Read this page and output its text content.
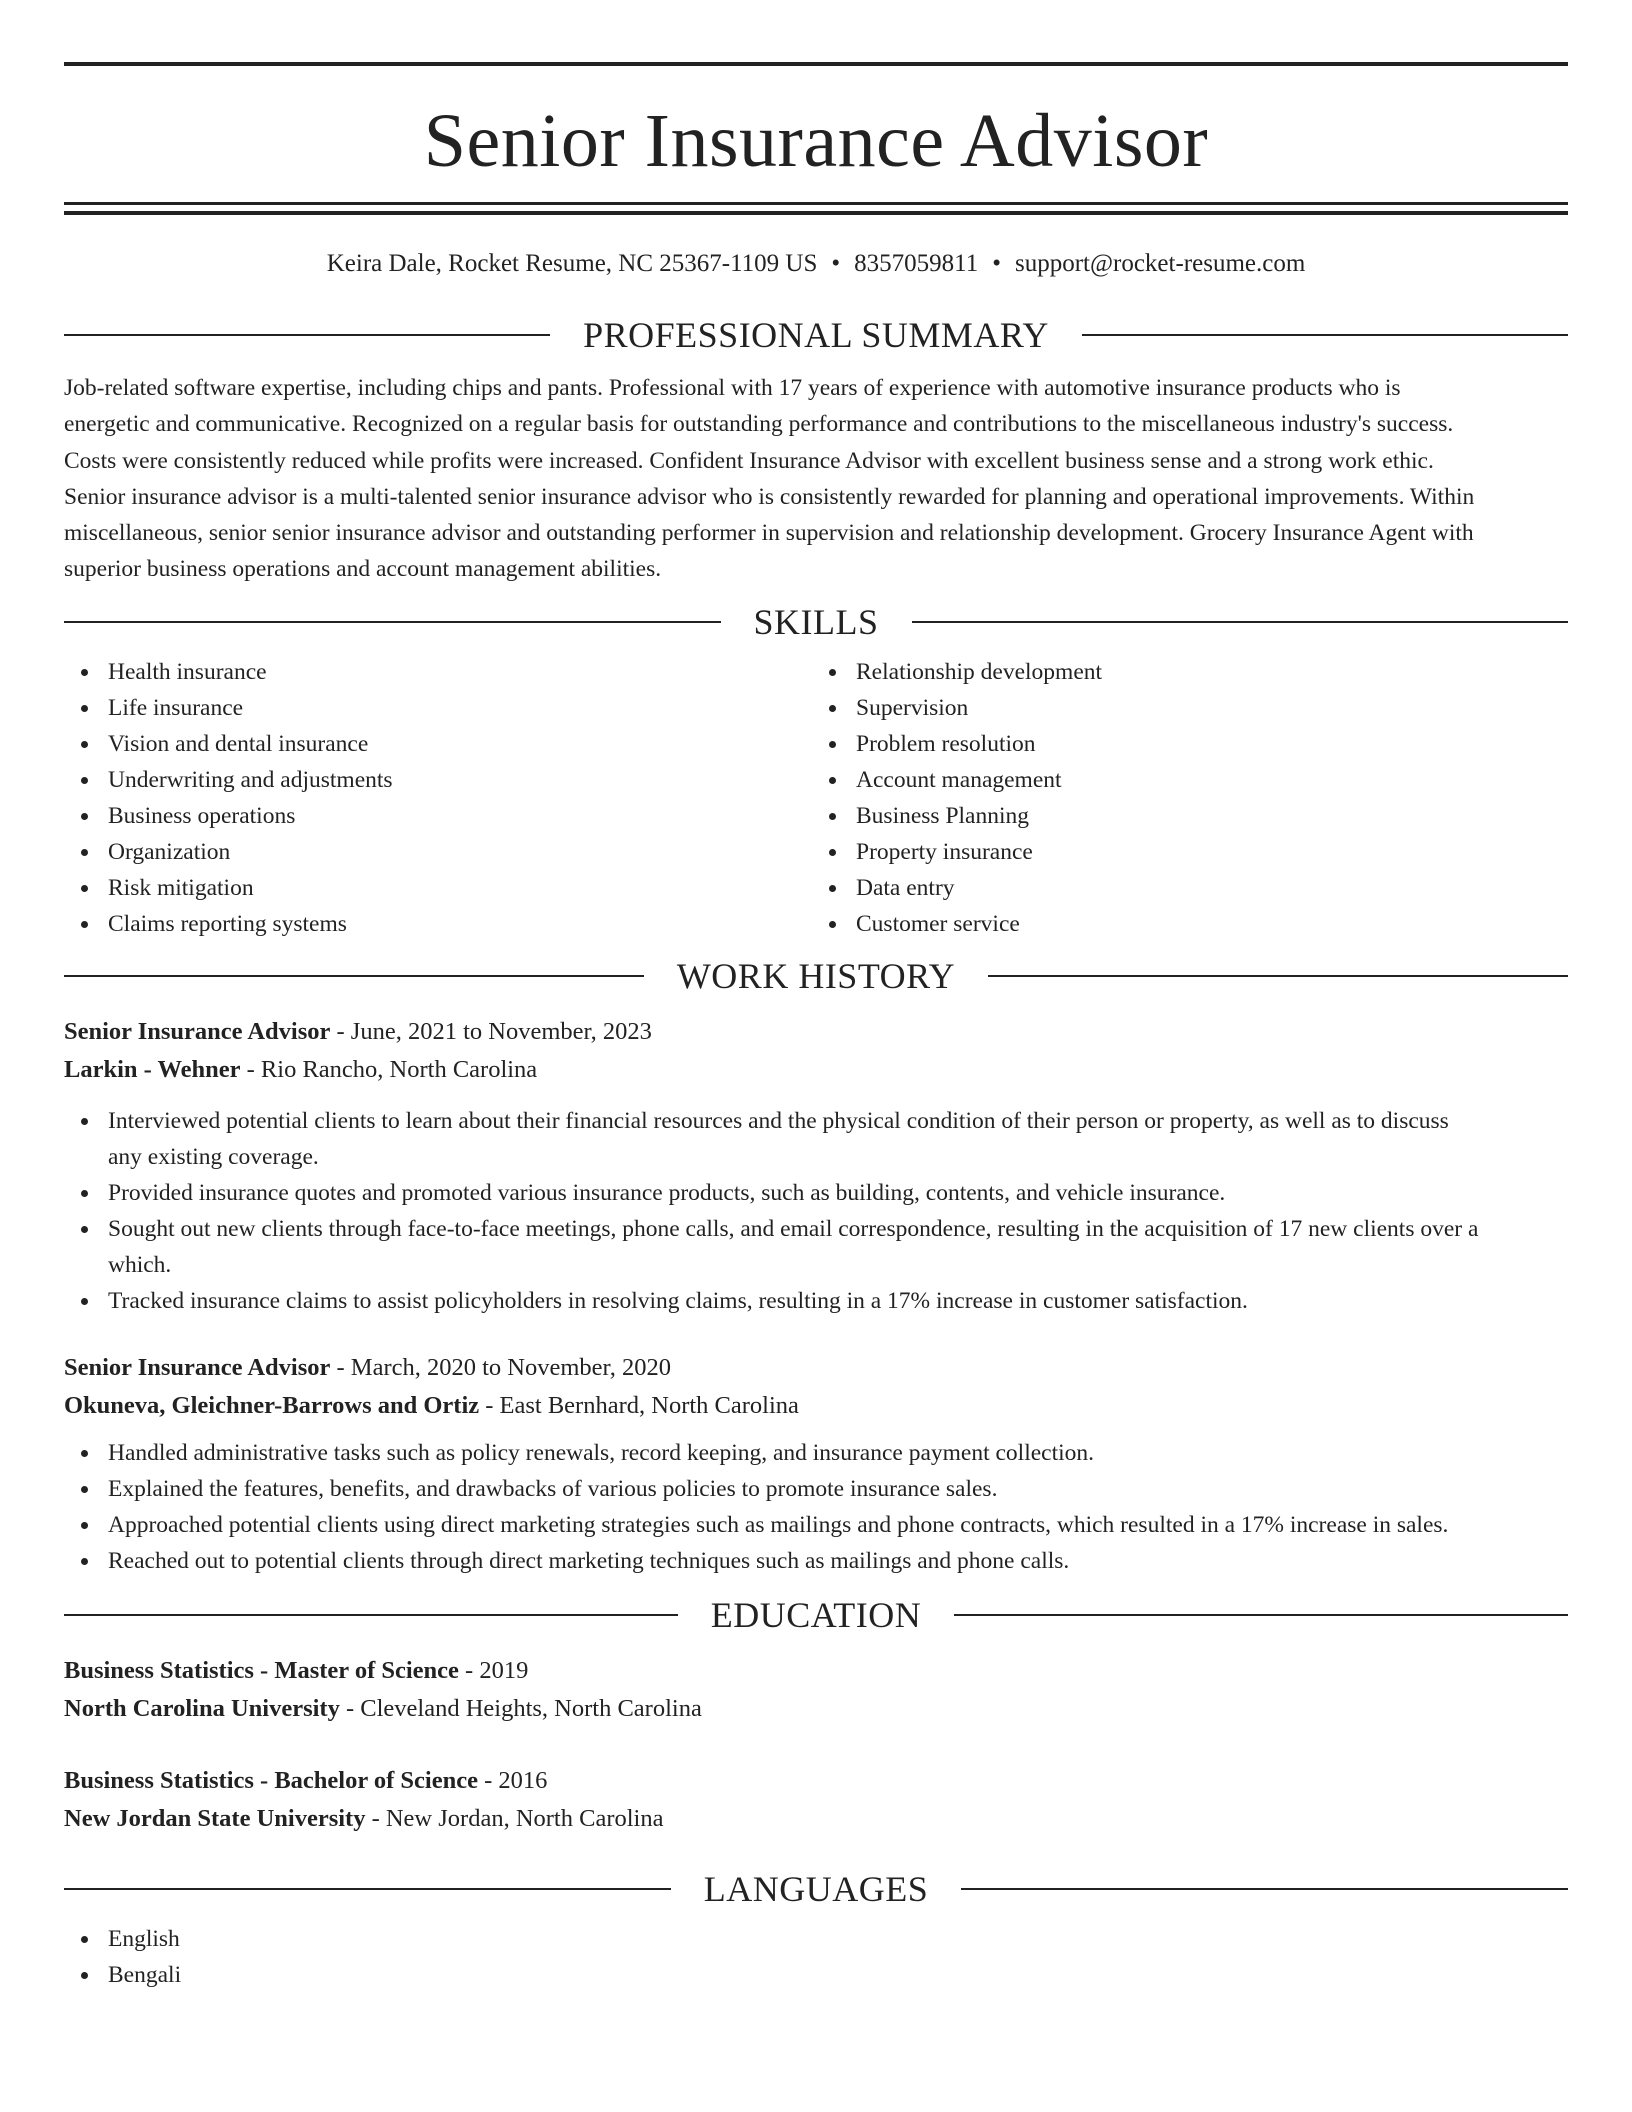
Senior Insurance Advisor
Keira Dale, Rocket Resume, NC 25367-1109 US • 8357059811 • support@rocket-resume.com
PROFESSIONAL SUMMARY
Job-related software expertise, including chips and pants. Professional with 17 years of experience with automotive insurance products who is
energetic and communicative. Recognized on a regular basis for outstanding performance and contributions to the miscellaneous industry's success.
Costs were consistently reduced while profits were increased. Confident Insurance Advisor with excellent business sense and a strong work ethic.
Senior insurance advisor is a multi-talented senior insurance advisor who is consistently rewarded for planning and operational improvements. Within
miscellaneous, senior senior insurance advisor and outstanding performer in supervision and relationship development. Grocery Insurance Agent with
superior business operations and account management abilities.
SKILLS
Health insurance
Life insurance
Vision and dental insurance
Underwriting and adjustments
Business operations
Organization
Risk mitigation
Claims reporting systems
Relationship development
Supervision
Problem resolution
Account management
Business Planning
Property insurance
Data entry
Customer service
WORK HISTORY
Senior Insurance Advisor - June, 2021 to November, 2023
Larkin - Wehner - Rio Rancho, North Carolina
Interviewed potential clients to learn about their financial resources and the physical condition of their person or property, as well as to discuss
any existing coverage.
Provided insurance quotes and promoted various insurance products, such as building, contents, and vehicle insurance.
Sought out new clients through face-to-face meetings, phone calls, and email correspondence, resulting in the acquisition of 17 new clients over a
which.
Tracked insurance claims to assist policyholders in resolving claims, resulting in a 17% increase in customer satisfaction.
Senior Insurance Advisor - March, 2020 to November, 2020
Okuneva, Gleichner-Barrows and Ortiz - East Bernhard, North Carolina
Handled administrative tasks such as policy renewals, record keeping, and insurance payment collection.
Explained the features, benefits, and drawbacks of various policies to promote insurance sales.
Approached potential clients using direct marketing strategies such as mailings and phone contracts, which resulted in a 17% increase in sales.
Reached out to potential clients through direct marketing techniques such as mailings and phone calls.
EDUCATION
Business Statistics - Master of Science - 2019
North Carolina University - Cleveland Heights, North Carolina
Business Statistics - Bachelor of Science - 2016
New Jordan State University - New Jordan, North Carolina
LANGUAGES
English
Bengali
